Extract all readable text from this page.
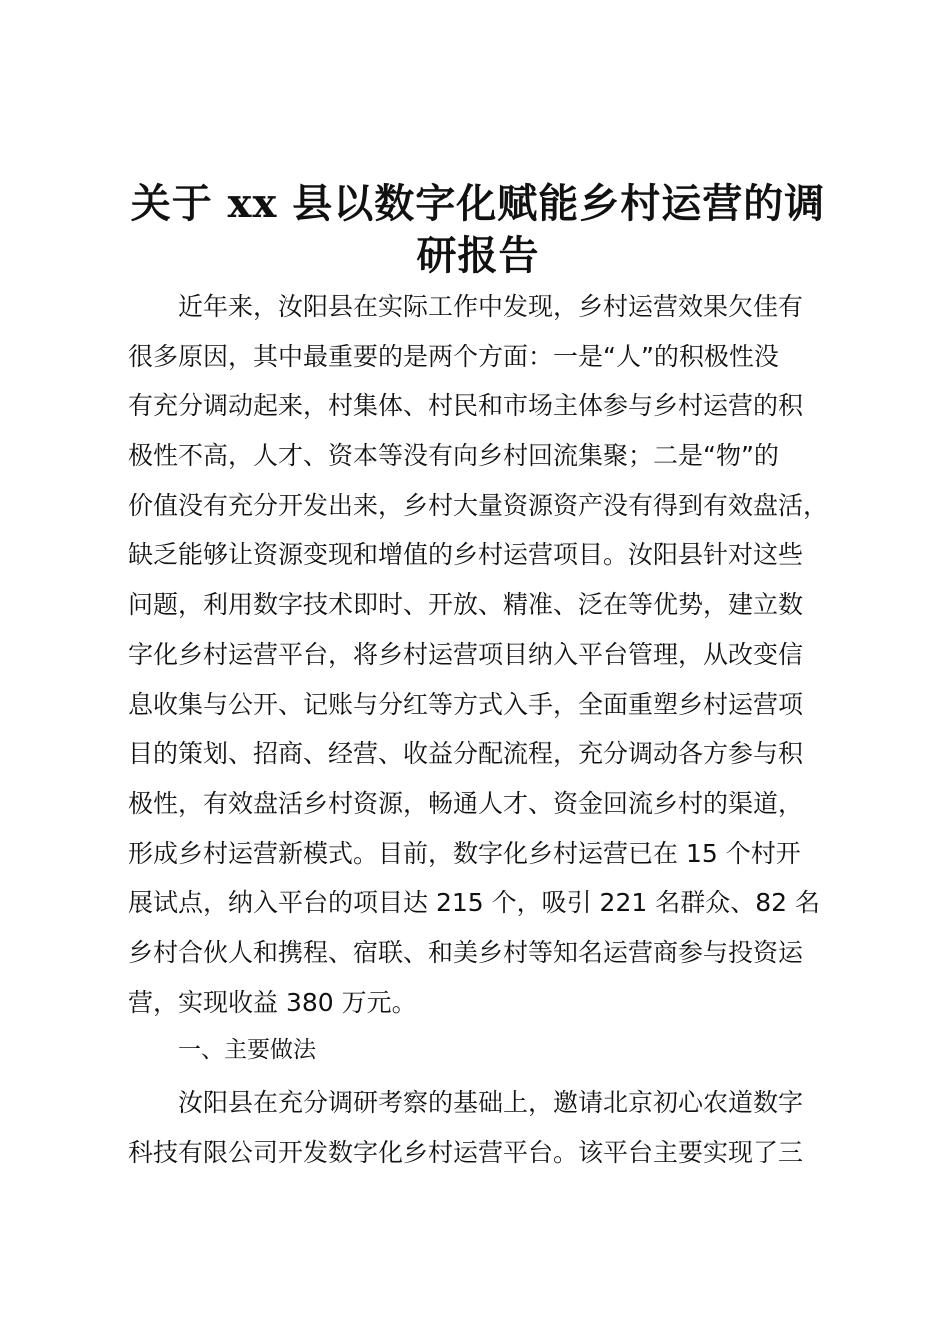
关于 xx 县以数字化赋能乡村运营的调
研报告
近年来，汝阳县在实际工作中发现，乡村运营效果欠佳有
很多原因，其中最重要的是两个方面：一是“人”的积极性没
有充分调动起来，村集体、村民和市场主体参与乡村运营的积
极性不高，人才、资本等没有向乡村回流集聚；二是“物”的
价值没有充分开发出来，乡村大量资源资产没有得到有效盘活，
缺乏能够让资源变现和增值的乡村运营项目。汝阳县针对这些
问题，利用数字技术即时、开放、精准、泛在等优势，建立数
字化乡村运营平台，将乡村运营项目纳入平台管理，从改变信
息收集与公开、记账与分红等方式入手，全面重塑乡村运营项
目的策划、招商、经营、收益分配流程，充分调动各方参与积
极性，有效盘活乡村资源，畅通人才、资金回流乡村的渠道，
形成乡村运营新模式。目前，数字化乡村运营已在 15 个村开
展试点，纳入平台的项目达 215 个，吸引 221 名群众、82 名
乡村合伙人和携程、宿联、和美乡村等知名运营商参与投资运
营，实现收益 380 万元。
一、主要做法
汝阳县在充分调研考察的基础上，邀请北京初心农道数字
科技有限公司开发数字化乡村运营平台。该平台主要实现了三
